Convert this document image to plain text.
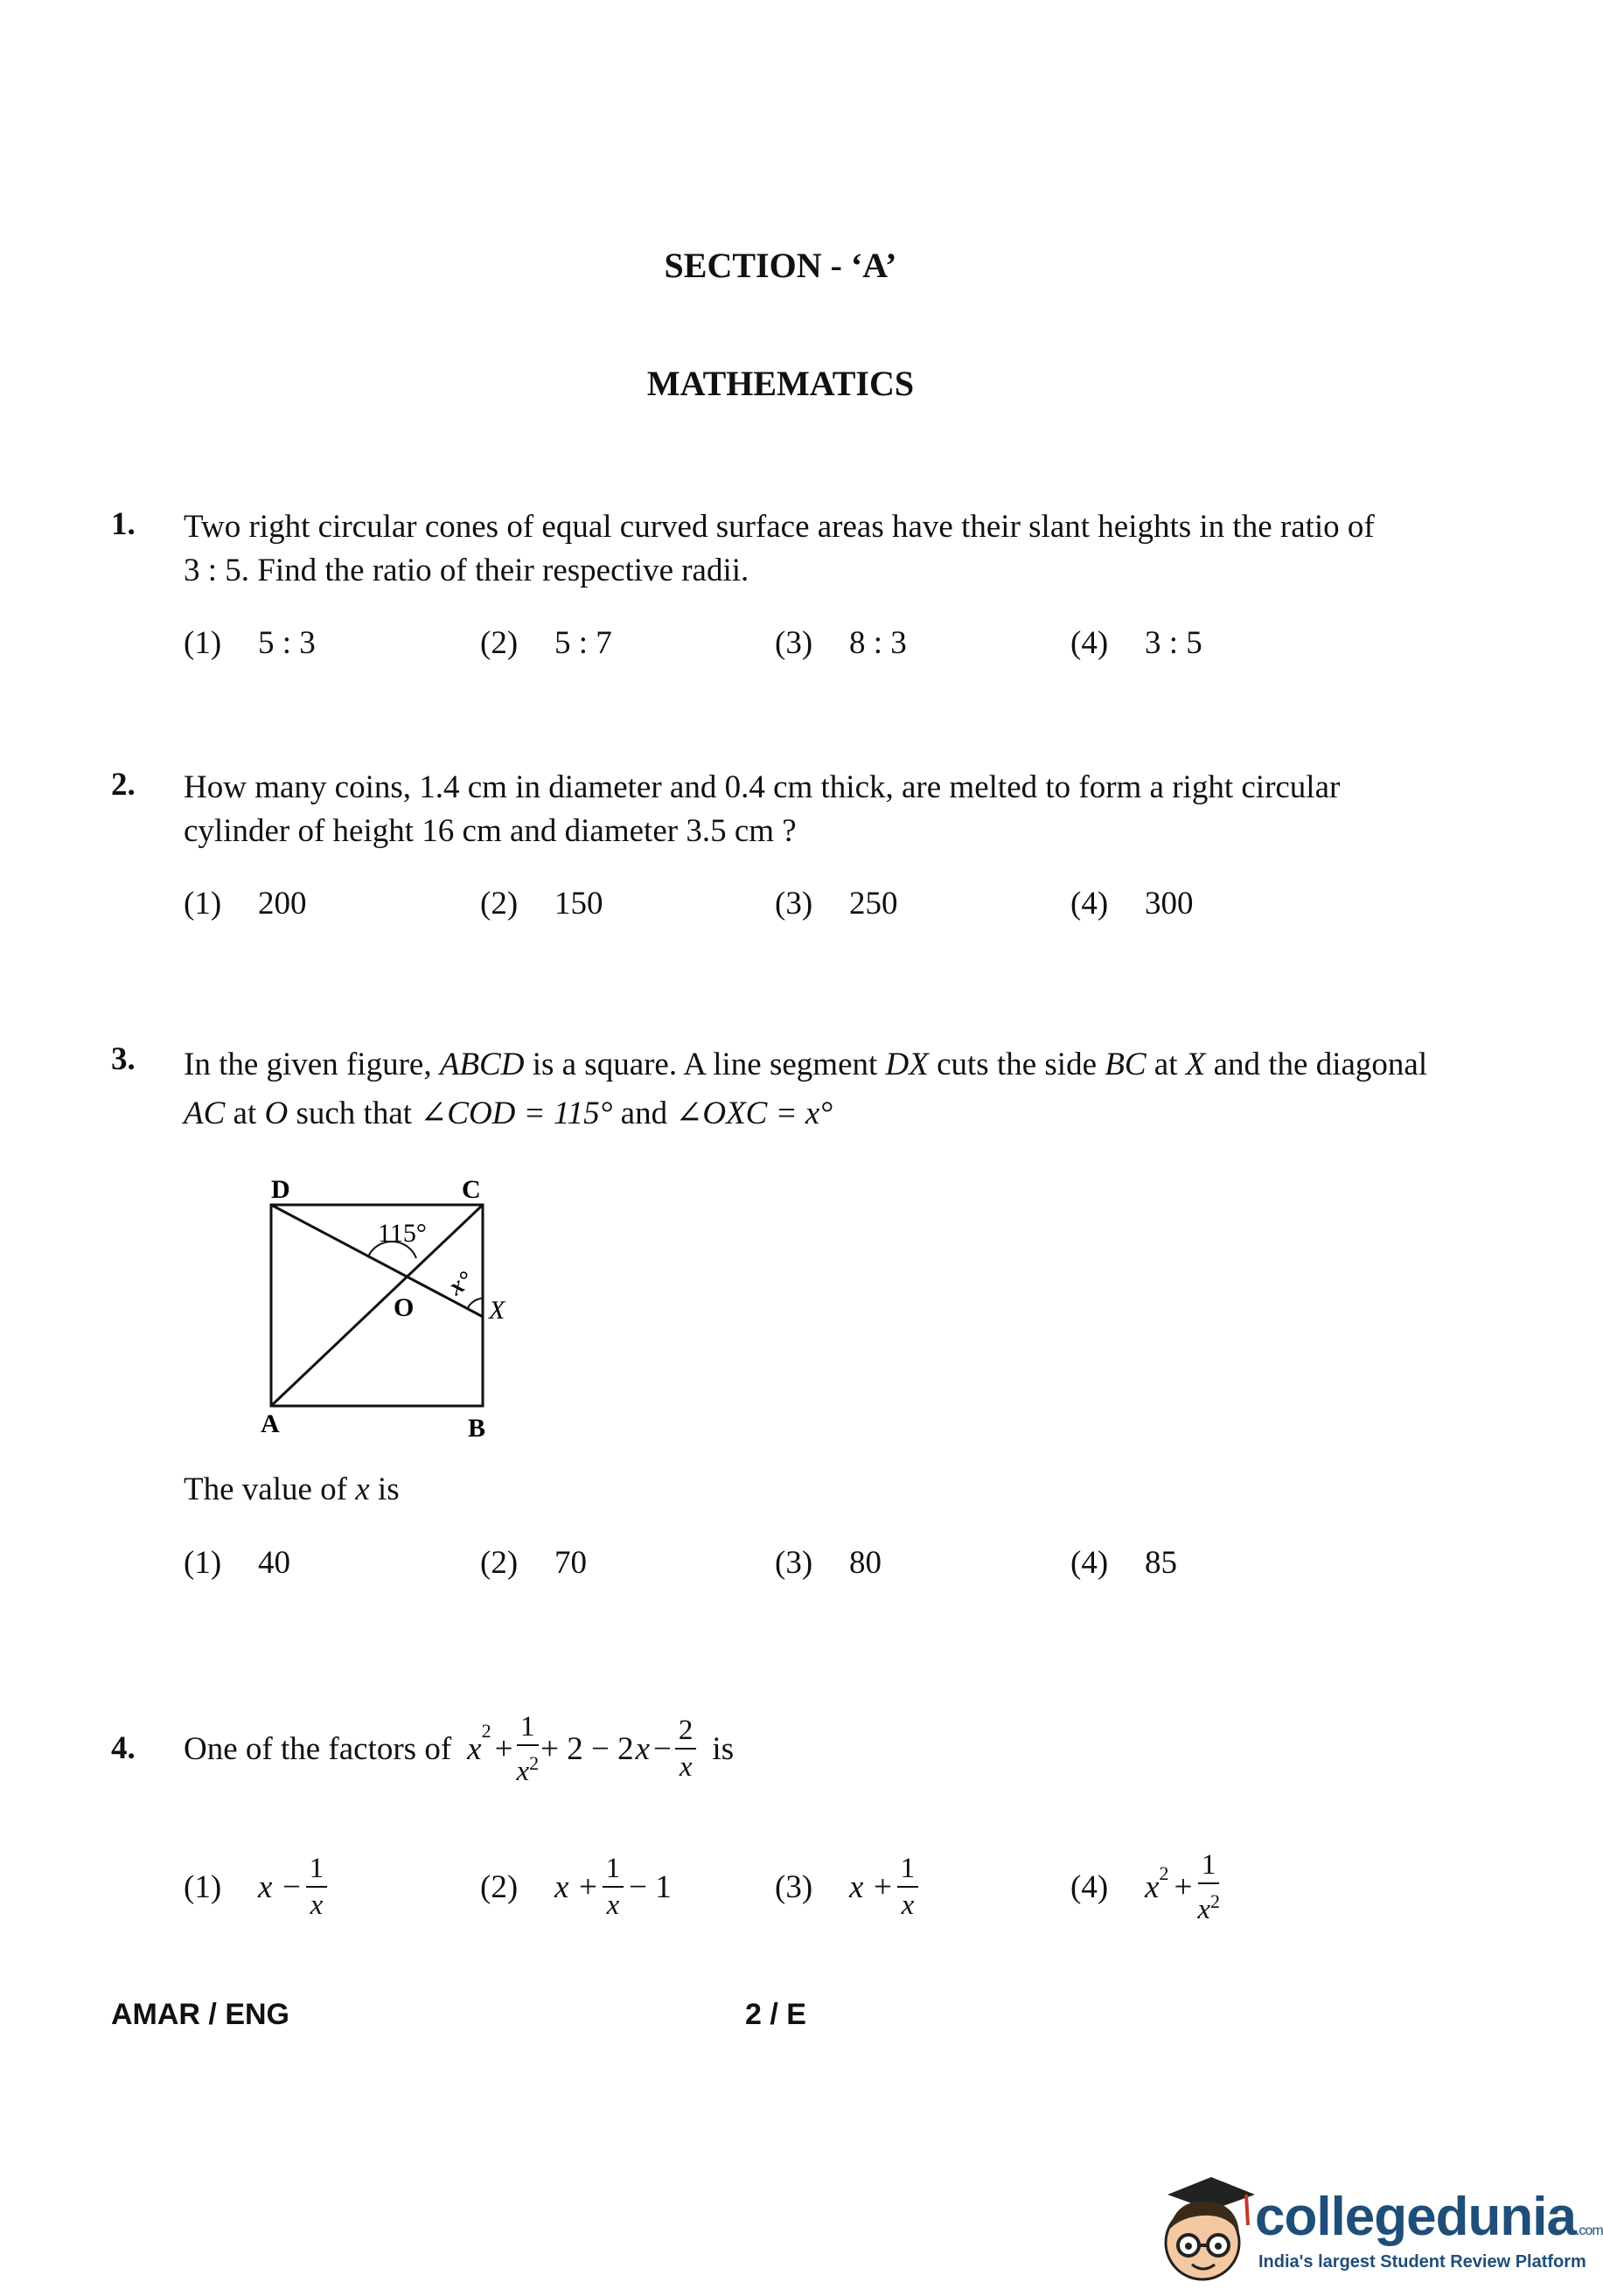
SECTION - ‘A’
MATHEMATICS
1. Two right circular cones of equal curved surface areas have their slant heights in the ratio of
3 : 5. Find the ratio of their respective radii.
(1) 5 : 3	(2) 5 : 7	(3) 8 : 3	(4) 3 : 5
2. How many coins, 1.4 cm in diameter and 0.4 cm thick, are melted to form a right circular
cylinder of height 16 cm and diameter 3.5 cm ?
(1) 200	(2) 150	(3) 250	(4) 300
3. In the given figure, ABCD is a square. A line segment DX cuts the side BC at X and the diagonal
AC at O such that ∠COD = 115° and ∠OXC = x°
D	C
A	B
O	X
115°
x°
The value of x is
(1) 40	(2) 70	(3) 80	(4) 85
4. One of the factors of x
$^2$
+ $\frac{1}{x^2} + 2 - 2$ $x - \frac{2}{x}$ is
(1)	$x - \frac{1}{x}$	(2)	$x + \frac{1}{x} - 1$	(3)	$x + \frac{1}{x}$	(4)	$x^2 + \frac{1}{x^2}$
AMAR / ENG	2 / E
collegedunia.com
India's largest Student Review Platform
